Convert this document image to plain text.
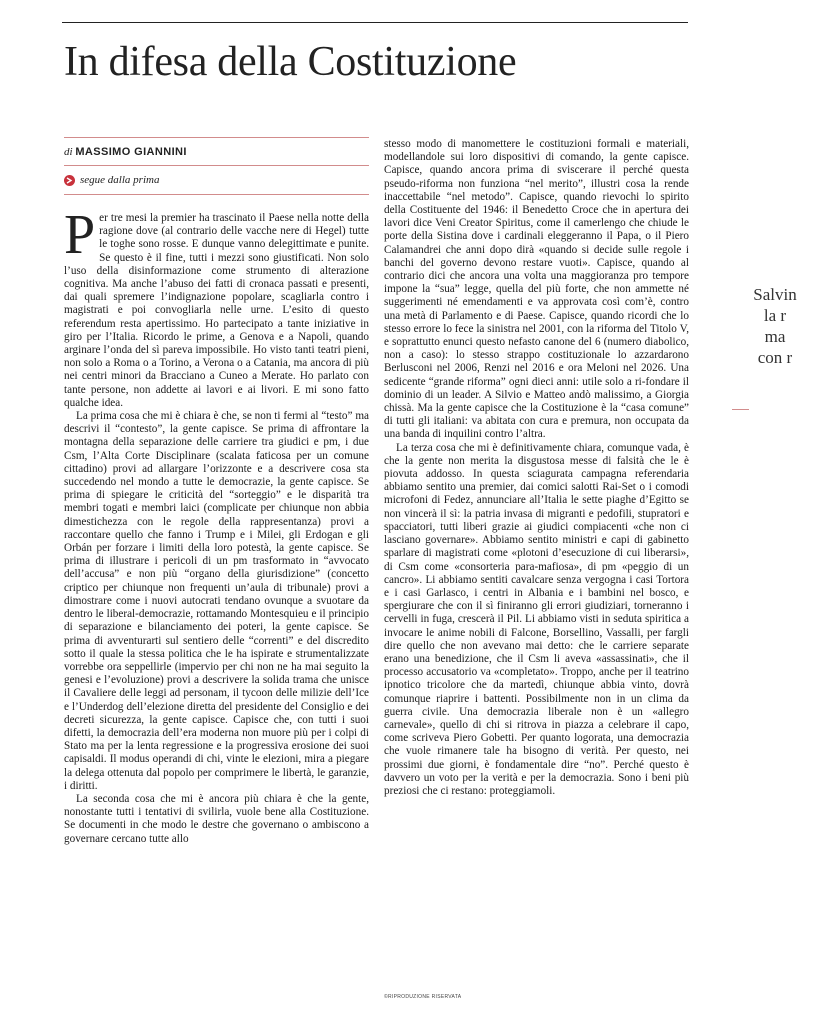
In difesa della Costituzione
di MASSIMO GIANNINI
segue dalla prima

Per tre mesi la premier ha trascinato il Paese nella notte della ragione dove (al contrario delle vacche nere di Hegel) tutte le toghe sono rosse. E dunque vanno delegittimate e punite. Se questo è il fine, tutti i mezzi sono giustificati. Non solo l’uso della disinformazione come strumento di alterazione cognitiva. Ma anche l’abuso dei fatti di cronaca passati e presenti, dai quali spremere l’indignazione popolare, scagliarla contro i magistrati e poi convogliarla nelle urne. L’esito di questo referendum resta apertissimo. Ho partecipato a tante iniziative in giro per l’Italia. Ricordo le prime, a Genova e a Napoli, quando arginare l’onda del sì pareva impossibile. Ho visto tanti teatri pieni, non solo a Roma o a Torino, a Verona o a Catania, ma ancora di più nei centri minori da Bracciano a Cuneo a Merate. Ho parlato con tante persone, non addette ai lavori e ai livori. E mi sono fatto qualche idea.

La prima cosa che mi è chiara è che, se non ti fermi al “testo” ma descrivi il “contesto”, la gente capisce. Se prima di affrontare la montagna della separazione delle carriere tra giudici e pm, i due Csm, l’Alta Corte Disciplinare (scalata faticosa per un comune cittadino) provi ad allargare l’orizzonte e a descrivere cosa sta succedendo nel mondo a tutte le democrazie, la gente capisce. Se prima di spiegare le criticità del “sorteggio” e le disparità tra membri togati e membri laici (complicate per chiunque non abbia dimestichezza con le regole della rappresentanza) provi a raccontare quello che fanno i Trump e i Milei, gli Erdogan e gli Orbán per forzare i limiti della loro potestà, la gente capisce. Se prima di illustrare i pericoli di un pm trasformato in “avvocato dell’accusa” e non più “organo della giurisdizione” (concetto criptico per chiunque non frequenti un’aula di tribunale) provi a dimostrare come i nuovi autocrati tendano ovunque a svuotare da dentro le liberal-democrazie, rottamando Montesquieu e il principio di separazione e bilanciamento dei poteri, la gente capisce. Se prima di avventurarti sul sentiero delle “correnti” e del discredito sotto il quale la stessa politica che le ha ispirate e strumentalizzate vorrebbe ora seppellirle (impervio per chi non ne ha mai seguito la genesi e l’evoluzione) provi a descrivere la solida trama che unisce il Cavaliere delle leggi ad personam, il tycoon delle milizie dell’Ice e l’Underdog dell’elezione diretta del presidente del Consiglio e dei decreti sicurezza, la gente capisce. Capisce che, con tutti i suoi difetti, la democrazia dell’era moderna non muore più per i colpi di Stato ma per la lenta regressione e la progressiva erosione dei suoi capisaldi. Il modus operandi di chi, vinte le elezioni, mira a piegare la delega ottenuta dal popolo per comprimere le libertà, le garanzie, i diritti.

La seconda cosa che mi è ancora più chiara è che la gente, nonostante tutti i tentativi di svilirla, vuole bene alla Costituzione. Se documenti in che modo le destre che governano o ambiscono a governare cercano tutte allo

stesso modo di manomettere le costituzioni formali e materiali, modellandole sui loro dispositivi di comando, la gente capisce. Capisce, quando ancora prima di sviscerare il perché questa pseudo-riforma non funziona “nel merito”, illustri cosa la rende inaccettabile “nel metodo”. Capisce, quando rievochi lo spirito della Costituente del 1946: il Benedetto Croce che in apertura dei lavori dice Veni Creator Spiritus, come il camerlengo che chiude le porte della Sistina dove i cardinali eleggeranno il Papa, o il Piero Calamandrei che anni dopo dirà «quando si decide sulle regole i banchi del governo devono restare vuoti». Capisce, quando al contrario dici che ancora una volta una maggioranza pro tempore impone la “sua” legge, quella del più forte, che non ammette né suggerimenti né emendamenti e va approvata così com’è, contro una metà di Parlamento e di Paese. Capisce, quando ricordi che lo stesso errore lo fece la sinistra nel 2001, con la riforma del Titolo V, e soprattutto enunci questo nefasto canone del 6 (numero diabolico, non a caso): lo stesso strappo costituzionale lo azzardarono Berlusconi nel 2006, Renzi nel 2016 e ora Meloni nel 2026. Una sedicente “grande riforma” ogni dieci anni: utile solo a ri-fondare il dominio di un leader. A Silvio e Matteo andò malissimo, a Giorgia chissà. Ma la gente capisce che la Costituzione è la “casa comune” di tutti gli italiani: va abitata con cura e premura, non occupata da una banda di inquilini contro l’altra.

La terza cosa che mi è definitivamente chiara, comunque vada, è che la gente non merita la disgustosa messe di falsità che le è piovuta addosso. In questa sciagurata campagna referendaria abbiamo sentito una premier, dai comici salotti Rai-Set o i comodi microfoni di Fedez, annunciare all’Italia le sette piaghe d’Egitto se non vincerà il sì: la patria invasa di migranti e pedofili, stupratori e spacciatori, tutti liberi grazie ai giudici compiacenti «che non ci lasciano governare». Abbiamo sentito ministri e capi di gabinetto sparlare di magistrati come «plotoni d’esecuzione di cui liberarsi», di Csm come «consorteria para-mafiosa», di pm «peggio di un cancro». Li abbiamo sentiti cavalcare senza vergogna i casi Tortora e i casi Garlasco, i centri in Albania e i bambini nel bosco, e spergiurare che con il sì finiranno gli errori giudiziari, torneranno i cervelli in fuga, crescerà il Pil. Li abbiamo visti in seduta spiritica a invocare le anime nobili di Falcone, Borsellino, Vassalli, per fargli dire quello che non avevano mai detto: che le carriere separate erano una benedizione, che il Csm li aveva «assassinati», che il processo accusatorio va «completato». Troppo, anche per il teatrino ipnotico tricolore che da martedì, chiunque abbia vinto, dovrà comunque riaprire i battenti. Possibilmente non in un clima da guerra civile. Una democrazia liberale non è un «allegro carnevale», quello di chi si ritrova in piazza a celebrare il capo, come scriveva Piero Gobetti. Per quanto logorata, una democrazia che vuole rimanere tale ha bisogno di verità. Per questo, nei prossimi due giorni, è fondamentale dire “no”. Perché questo è davvero un voto per la verità e per la democrazia. Sono i beni più preziosi che ci restano: proteggiamoli.

©RIPRODUZIONE RISERVATA
Salvin
la r
ma
con r
